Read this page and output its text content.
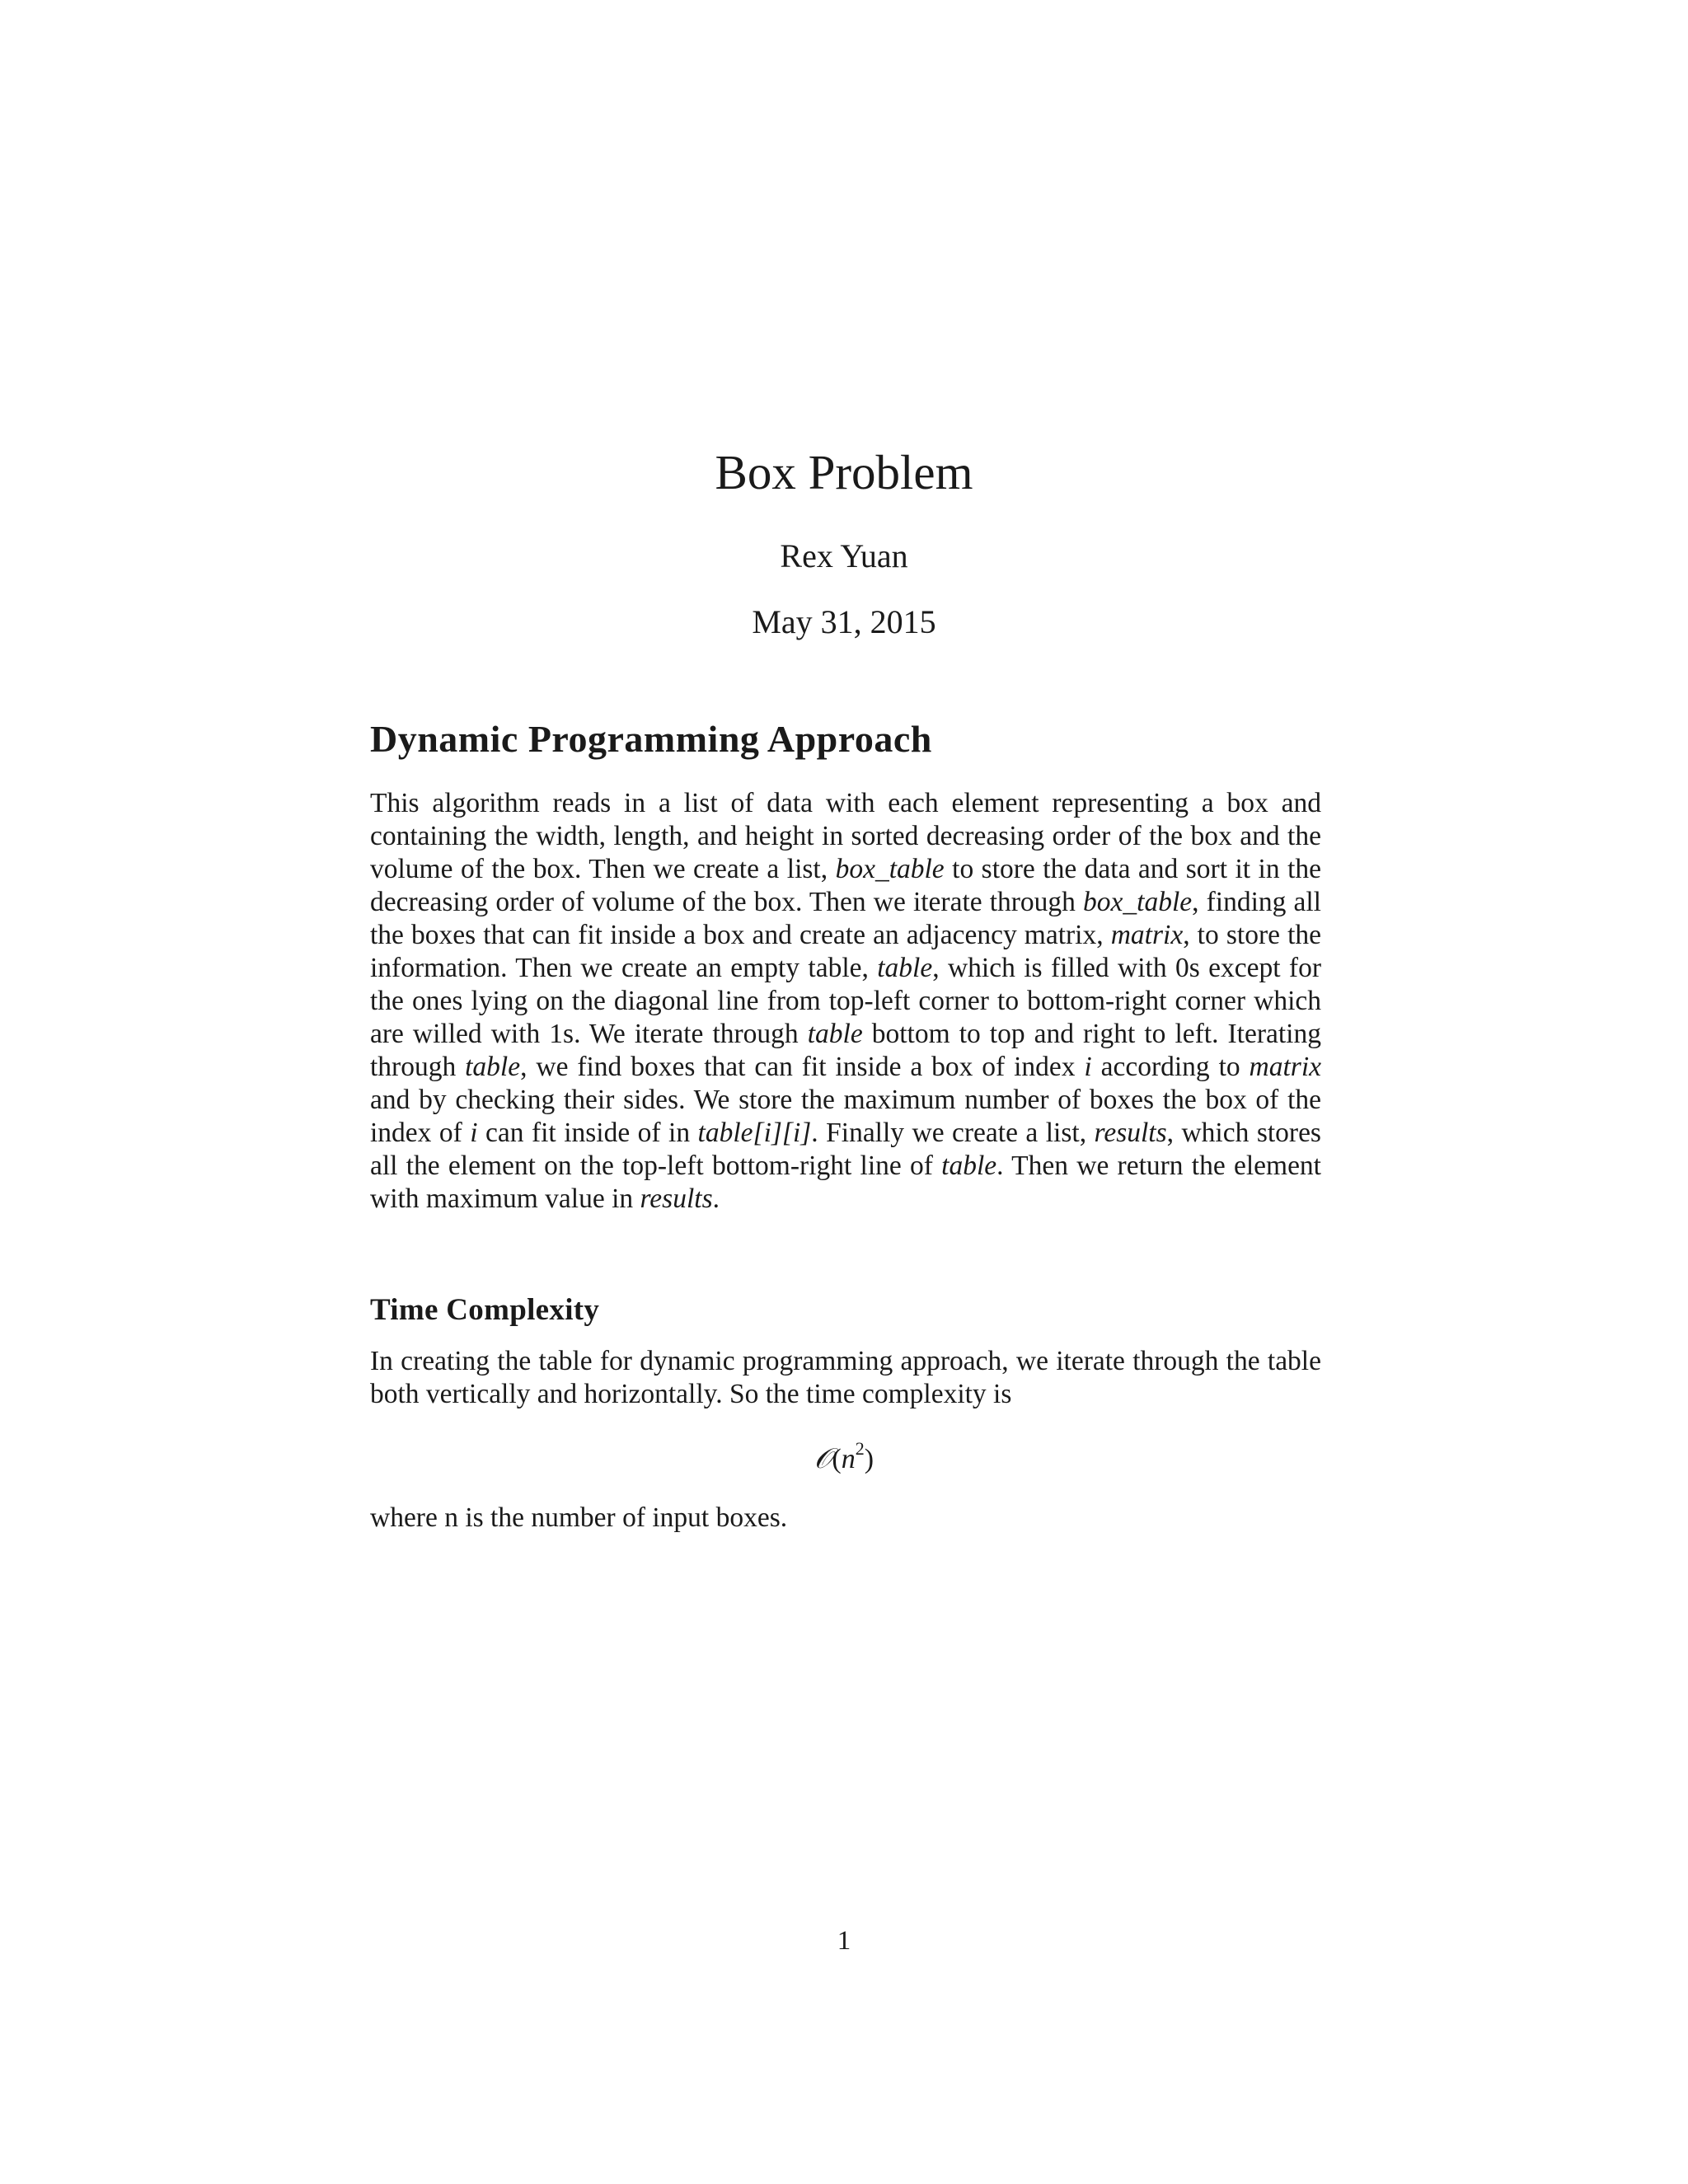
Box Problem
Rex Yuan
May 31, 2015
Dynamic Programming Approach

This algorithm reads in a list of data with each element representing a box and containing the width, length, and height in sorted decreasing order of the box and the volume of the box. Then we create a list, box_table to store the data and sort it in the decreasing order of volume of the box. Then we iterate through box_table, finding all the boxes that can fit inside a box and create an adjacency matrix, matrix, to store the information. Then we create an empty table, table, which is filled with 0s except for the ones lying on the diagonal line from top-left corner to bottom-right corner which are willed with 1s. We iterate through table bottom to top and right to left. Iterating through table, we find boxes that can fit inside a box of index i according to matrix and by checking their sides. We store the maximum number of boxes the box of the index of i can fit inside of in table[i][i]. Finally we create a list, results, which stores all the element on the top-left bottom-right line of table. Then we return the element with maximum value in results.

Time Complexity

In creating the table for dynamic programming approach, we iterate through the table both vertically and horizontally. So the time complexity is

$𝒪(n^2)$

where n is the number of input boxes.

1
